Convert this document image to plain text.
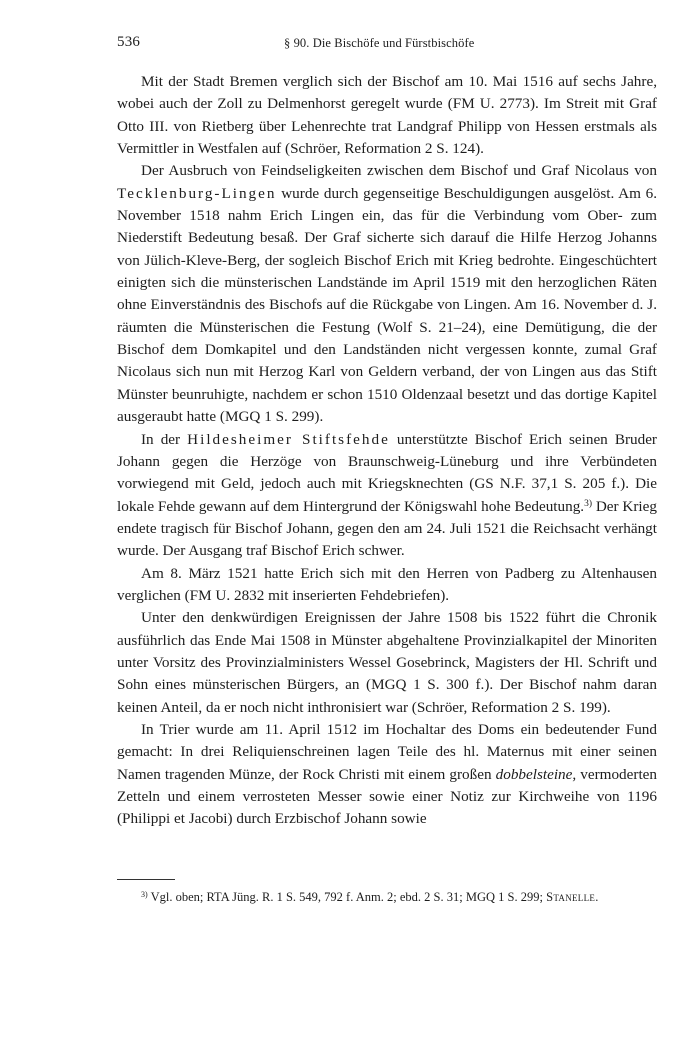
536	§ 90. Die Bischöfe und Fürstbischöfe

Mit der Stadt Bremen verglich sich der Bischof am 10. Mai 1516 auf sechs Jahre, wobei auch der Zoll zu Delmenhorst geregelt wurde (FM U. 2773). Im Streit mit Graf Otto III. von Rietberg über Lehenrechte trat Landgraf Philipp von Hessen erstmals als Vermittler in Westfalen auf (Schröer, Reformation 2 S. 124).

Der Ausbruch von Feindseligkeiten zwischen dem Bischof und Graf Nicolaus von Tecklenburg-Lingen wurde durch gegenseitige Beschuldigungen ausgelöst. Am 6. November 1518 nahm Erich Lingen ein, das für die Verbindung vom Ober- zum Niederstift Bedeutung besaß. Der Graf sicherte sich darauf die Hilfe Herzog Johanns von Jülich-Kleve-Berg, der sogleich Bischof Erich mit Krieg bedrohte. Eingeschüchtert einigten sich die münsterischen Landstände im April 1519 mit den herzoglichen Räten ohne Einverständnis des Bischofs auf die Rückgabe von Lingen. Am 16. November d. J. räumten die Münsterischen die Festung (Wolf S. 21–24), eine Demütigung, die der Bischof dem Domkapitel und den Landständen nicht vergessen konnte, zumal Graf Nicolaus sich nun mit Herzog Karl von Geldern verband, der von Lingen aus das Stift Münster beunruhigte, nachdem er schon 1510 Oldenzaal besetzt und das dortige Kapitel ausgeraubt hatte (MGQ 1 S. 299).

In der Hildesheimer Stiftsfehde unterstützte Bischof Erich seinen Bruder Johann gegen die Herzöge von Braunschweig-Lüneburg und ihre Verbündeten vorwiegend mit Geld, jedoch auch mit Kriegsknechten (GS N.F. 37,1 S. 205 f.). Die lokale Fehde gewann auf dem Hintergrund der Königswahl hohe Bedeutung.$^{3)}$ Der Krieg endete tragisch für Bischof Johann, gegen den am 24. Juli 1521 die Reichsacht verhängt wurde. Der Ausgang traf Bischof Erich schwer.

Am 8. März 1521 hatte Erich sich mit den Herren von Padberg zu Altenhausen verglichen (FM U. 2832 mit inserierten Fehdebriefen).

Unter den denkwürdigen Ereignissen der Jahre 1508 bis 1522 führt die Chronik ausführlich das Ende Mai 1508 in Münster abgehaltene Provinzialkapitel der Minoriten unter Vorsitz des Provinzialministers Wessel Gosebrinck, Magisters der Hl. Schrift und Sohn eines münsterischen Bürgers, an (MGQ 1 S. 300 f.). Der Bischof nahm daran keinen Anteil, da er noch nicht inthronisiert war (Schröer, Reformation 2 S. 199).

In Trier wurde am 11. April 1512 im Hochaltar des Doms ein bedeutender Fund gemacht: In drei Reliquienschreinen lagen Teile des hl. Maternus mit einer seinen Namen tragenden Münze, der Rock Christi mit einem großen dobbelsteine, vermoderten Zetteln und einem verrosteten Messer sowie einer Notiz zur Kirchweihe von 1196 (Philippi et Jacobi) durch Erzbischof Johann sowie

$^{3)}$ Vgl. oben; RTA Jüng. R. 1 S. 549, 792 f. Anm. 2; ebd. 2 S. 31; MGQ 1 S. 299; Stanelle.
